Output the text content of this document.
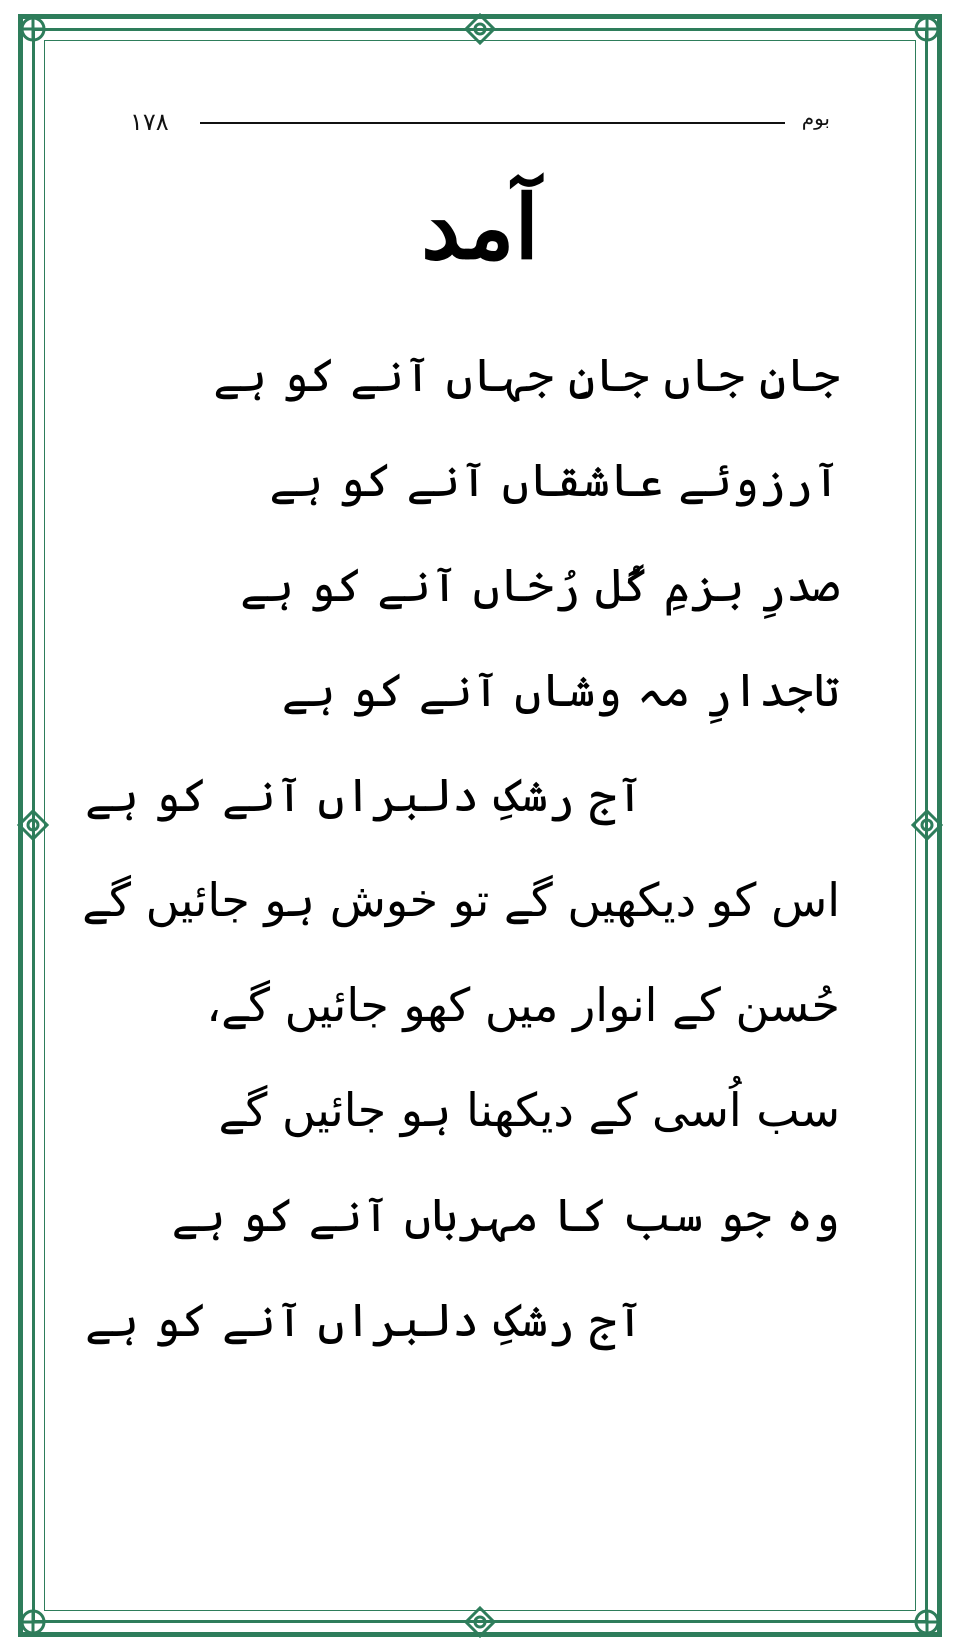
۱۷۸	بوم
آمد
جانِ جاں جانِ جہاں آنے کو ہے
آرزوئے عاشقاں آنے کو ہے
صدرِ بزمِ گُل رُخاں آنے کو ہے
تاجدارِ مہ وشاں آنے کو ہے
آج رشکِ دلبراں آنے کو ہے
اس کو دیکھیں گے تو خوش ہو جائیں گے
حُسن کے انوار میں کھو جائیں گے،
سب اُسی کے دیکھنا ہو جائیں گے
وہ جو سب کا مہرباں آنے کو ہے
آج رشکِ دلبراں آنے کو ہے
